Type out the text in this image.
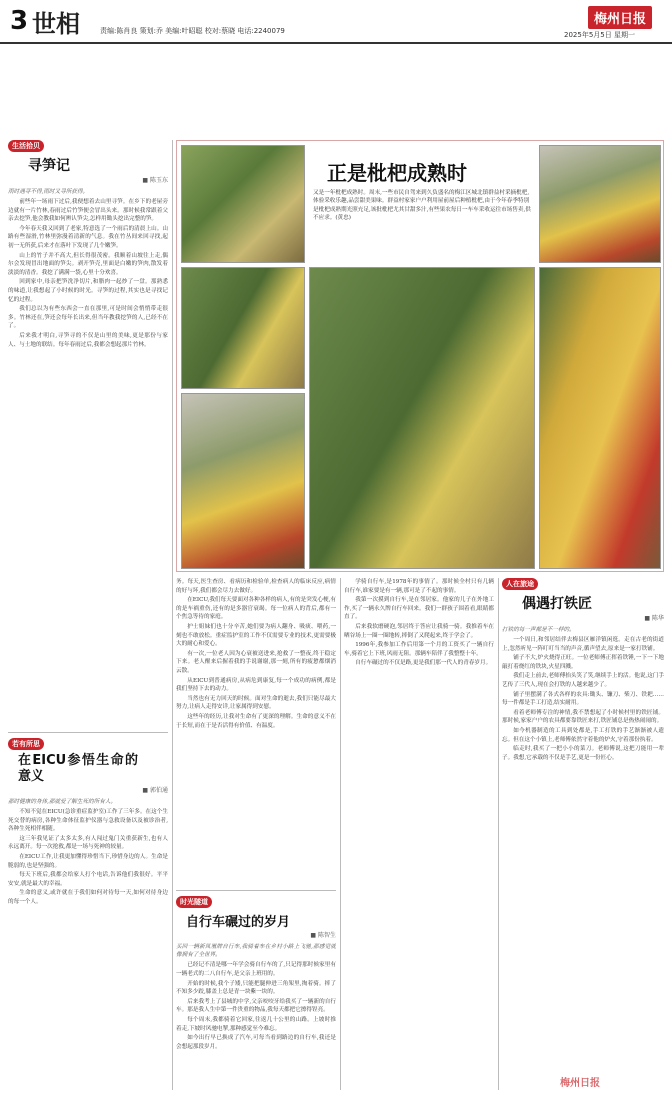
3 世相	责编:陈肖良 策划:乔 美编:叶昭聪 校对:蔡晓 电话:2240079
梅州日报
2025年5月5日 星期一
生活拾贝
寻笋记
■ 陈玉东
雨时遇寻不得,雨时又寻所获得。

前些年一场雨下过后,我便想着去山里寻笋。在乡下的老屋旁边就有一片竹林,春雨过后竹笋便会冒出头来。那时候我常跟着父亲去挖笋,他会教我如何辨认笋尖,怎样用锄头挖出完整的笋。

今年春天我又回到了老家,特意选了一个雨后的清晨上山。山路有些湿滑,竹林里弥漫着清新的气息。我在竹丛间来回寻找,起初一无所获,后来才在落叶下发现了几个嫩笋。

山上的竹子并不高大,但长得很茂密。我顺着山坡往上走,偶尔会发现冒出地面的笋尖。剥开笋壳,里面是白嫩的笋肉,散发着淡淡的清香。我挖了满满一袋,心里十分欢喜。

回到家中,母亲把笋洗净切片,和腊肉一起炒了一盘。那熟悉的味道,让我想起了小时候的时光。寻笋的过程,其实也是寻找记忆的过程。

我们总以为有些东西会一直在那里,可是时间会悄悄带走很多。竹林还在,笋还会每年长出来,但当年教我挖笋的人,已经不在了。

后来我才明白,寻笋寻的不仅是山里的美味,更是那份与家人、与土地的联结。每年春雨过后,我都会想起那片竹林。

若有所思
在EICU参悟生命的意义
■ 郭伯通
那时健康的身体,那就爱了解生死的所有人。

不知不觉在EICU(急诊重症监护室)工作了三年多。在这个生死交替的病房,各种生命体征监护仪器与急救设备以及被诊治者,各种生死相伴相随。

这三年我见证了太多太多,有人闯过鬼门关重获新生,也有人永远离开。每一次抢救,都是一场与死神的较量。

在EICU工作,让我更加懂得珍惜当下,珍惜身边的人。生命是脆弱的,也是坚强的。

每天下班后,我都会给家人打个电话,告诉他们我很好。平平安安,就是最大的幸福。

生命的意义,或许就在于我们如何对待每一天,如何对待身边的每一个人。

正是枇杷成熟时
又是一年枇杷成熟时。周末,一些市民自驾来到久负盛名的梅江区城北镇群益村采摘枇杷,体验采收乐趣,品尝甜美果味。群益村家家户户利用屋前屋后种植枇杷,由于今年春季特别是枇杷成熟期光照充足,该批枇杷尤其甘甜多汁,有些果农每日一车车采收运往市场售卖,供不应求。(黄忠)

务。每天,医生查房、看病历和检验单,检查病人的临床反应,病情的好与坏,我们都会尽力去做好。

在EICU,我们每天要面对各种各样的病人,有的是突发心梗,有的是车祸重伤,还有的是多器官衰竭。每一位病人的背后,都有一个焦急等待的家庭。

护士姐妹们也十分辛苦,她们要为病人翻身、吸痰、喂药,一刻也不敢放松。重症监护室的工作不仅需要专业的技术,更需要极大的耐心和爱心。

有一次,一位老人因为心衰被送进来,抢救了一整夜,终于稳定下来。老人醒来后握着我的手说谢谢,那一刻,所有的疲惫都烟消云散。

从EICU到普通病房,从病危到康复,每一个成功的病例,都是我们坚持下去的动力。

当然也有无力回天的时候。面对生命的逝去,我们只能尽最大努力,让病人走得安详,让家属得到安慰。

这些年的经历,让我对生命有了更深的理解。生命的意义不在于长短,而在于是否活得有价值、有温度。

时光隧道
自行车碾过的岁月
■ 陈智生
买回一辆新凤凰牌自行车,我骑着车在乡村小路上飞驰,那感觉就像拥有了全世界。

已经记不清是哪一年学会骑自行车的了,只记得那时候家里有一辆老式的二八自行车,是父亲上班用的。

开始的时候,我个子矮,只能把腿伸进三角架里,掏着骑。摔了不知多少跤,膝盖上总是青一块紫一块的。

后来我考上了县城的中学,父亲咬咬牙给我买了一辆新的自行车。那是我人生中第一件贵重的物品,我每天都把它擦得锃亮。

每个周末,我都骑着它回家,往返几十公里的山路。上坡时推着走,下坡时风驰电掣,那种感觉至今难忘。

如今出行早已换成了汽车,可每当看到路边的自行车,我还是会想起那段岁月。

学骑自行车,是1978年的事情了。那时候全村只有几辆自行车,谁家要是有一辆,那可是了不起的事情。

我第一次摸到自行车,是在邻居家。他家的儿子在外地工作,买了一辆永久牌自行车回来。我们一群孩子围着看,眼睛都直了。

后来我软磨硬泡,邻居终于答应让我骑一骑。我推着车在晒谷场上一圈一圈地转,摔倒了又爬起来,终于学会了。

1996年,我参加工作后用第一个月的工资买了一辆自行车,骑着它上下班,风雨无阻。那辆车陪伴了我整整十年。

自行车碾过的不仅是路,更是我们那一代人的青春岁月。

人在旅途
偶遇打铁匠
■ 陈华
打铁的每一声都是不一样的。

一个周日,和邻居结伴去梅县区雁洋镇闲逛。走在古老的街道上,忽然听见一阵叮叮当当的声音,循声望去,原来是一家打铁铺。

铺子不大,炉火烧得正旺。一位老师傅正挥着铁锤,一下一下地敲打着烧红的铁块,火星四溅。

我们走上前去,老师傅抬头笑了笑,继续手上的活。他说,这门手艺传了三代人,现在会打铁的人越来越少了。

铺子里摆满了各式各样的农具:锄头、镰刀、柴刀、铁耙……每一件都是手工打造,结实耐用。

看着老师傅专注的神情,我不禁想起了小时候村里的铁匠铺。那时候,家家户户的农具都要靠铁匠来打,铁匠铺总是热热闹闹的。

如今机器制造的工具到处都是,手工打铁的手艺渐渐被人遗忘。但在这个小镇上,老师傅依然守着他的炉火,守着那份执着。

临走时,我买了一把小小的菜刀。老师傅说,这把刀能用一辈子。我想,它承载的不仅是手艺,更是一份匠心。

梅州日报
